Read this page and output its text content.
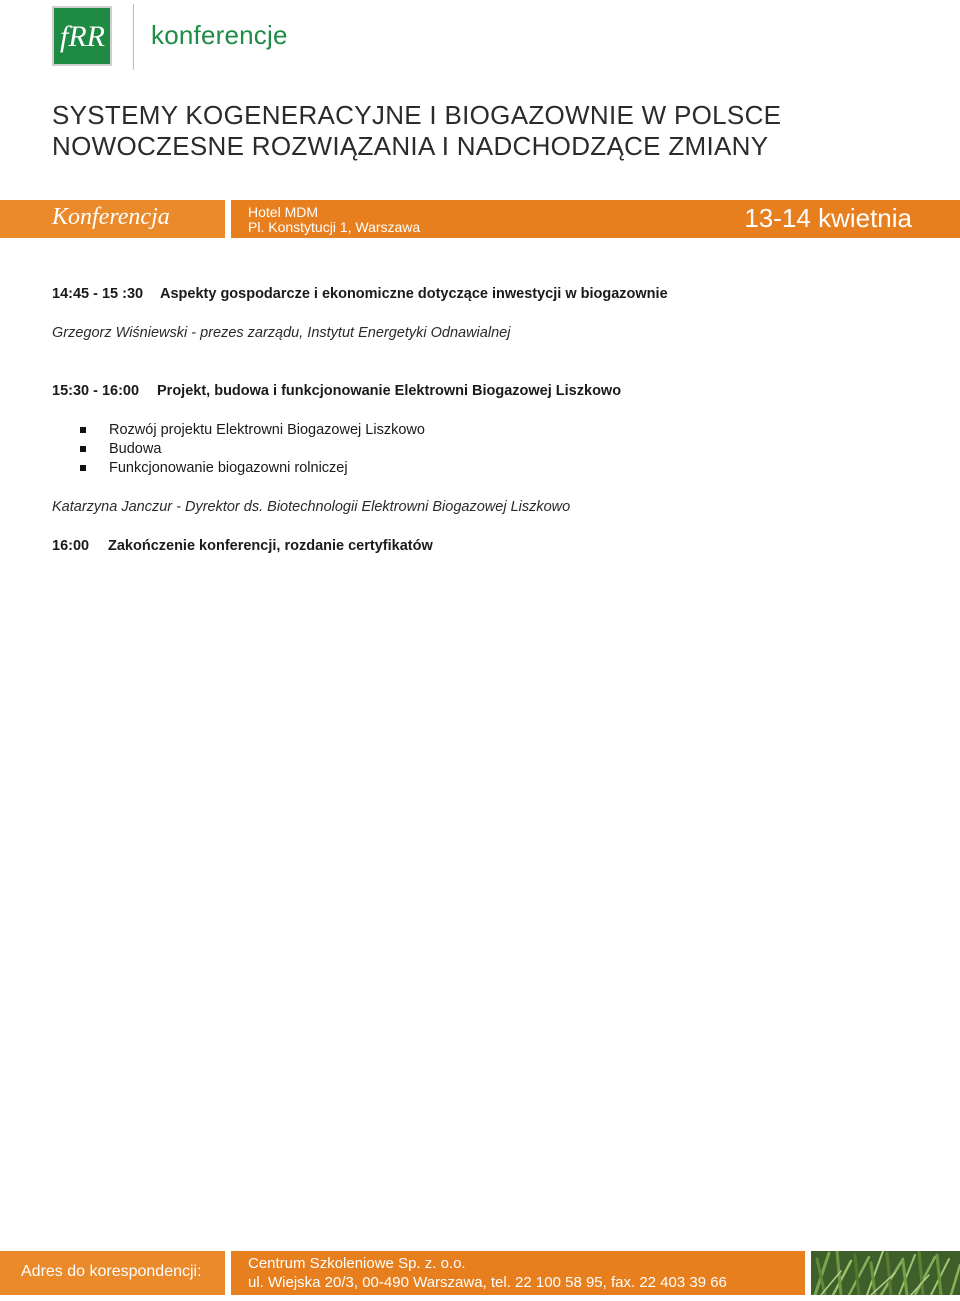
fRR konferencje
SYSTEMY KOGENERACYJNE I BIOGAZOWNIE W POLSCE
NOWOCZESNE ROZWIĄZANIA I NADCHODZĄCE ZMIANY
Konferencja	Hotel MDM
Pl. Konstytucji 1, Warszawa	13-14 kwietnia
14:45 - 15 :30 Aspekty gospodarcze i ekonomiczne dotyczące inwestycji w biogazownie
Grzegorz Wiśniewski - prezes zarządu, Instytut Energetyki Odnawialnej
15:30 - 16:00 Projekt, budowa i funkcjonowanie Elektrowni Biogazowej Liszkowo
Rozwój projektu Elektrowni Biogazowej Liszkowo
Budowa
Funkcjonowanie biogazowni rolniczej
Katarzyna Janczur - Dyrektor ds. Biotechnologii Elektrowni Biogazowej Liszkowo
16:00 Zakończenie konferencji, rozdanie certyfikatów
Adres do korespondencji:	Centrum Szkoleniowe Sp. z. o.o.
ul. Wiejska 20/3, 00-490 Warszawa, tel. 22 100 58 95, fax. 22 403 39 66
